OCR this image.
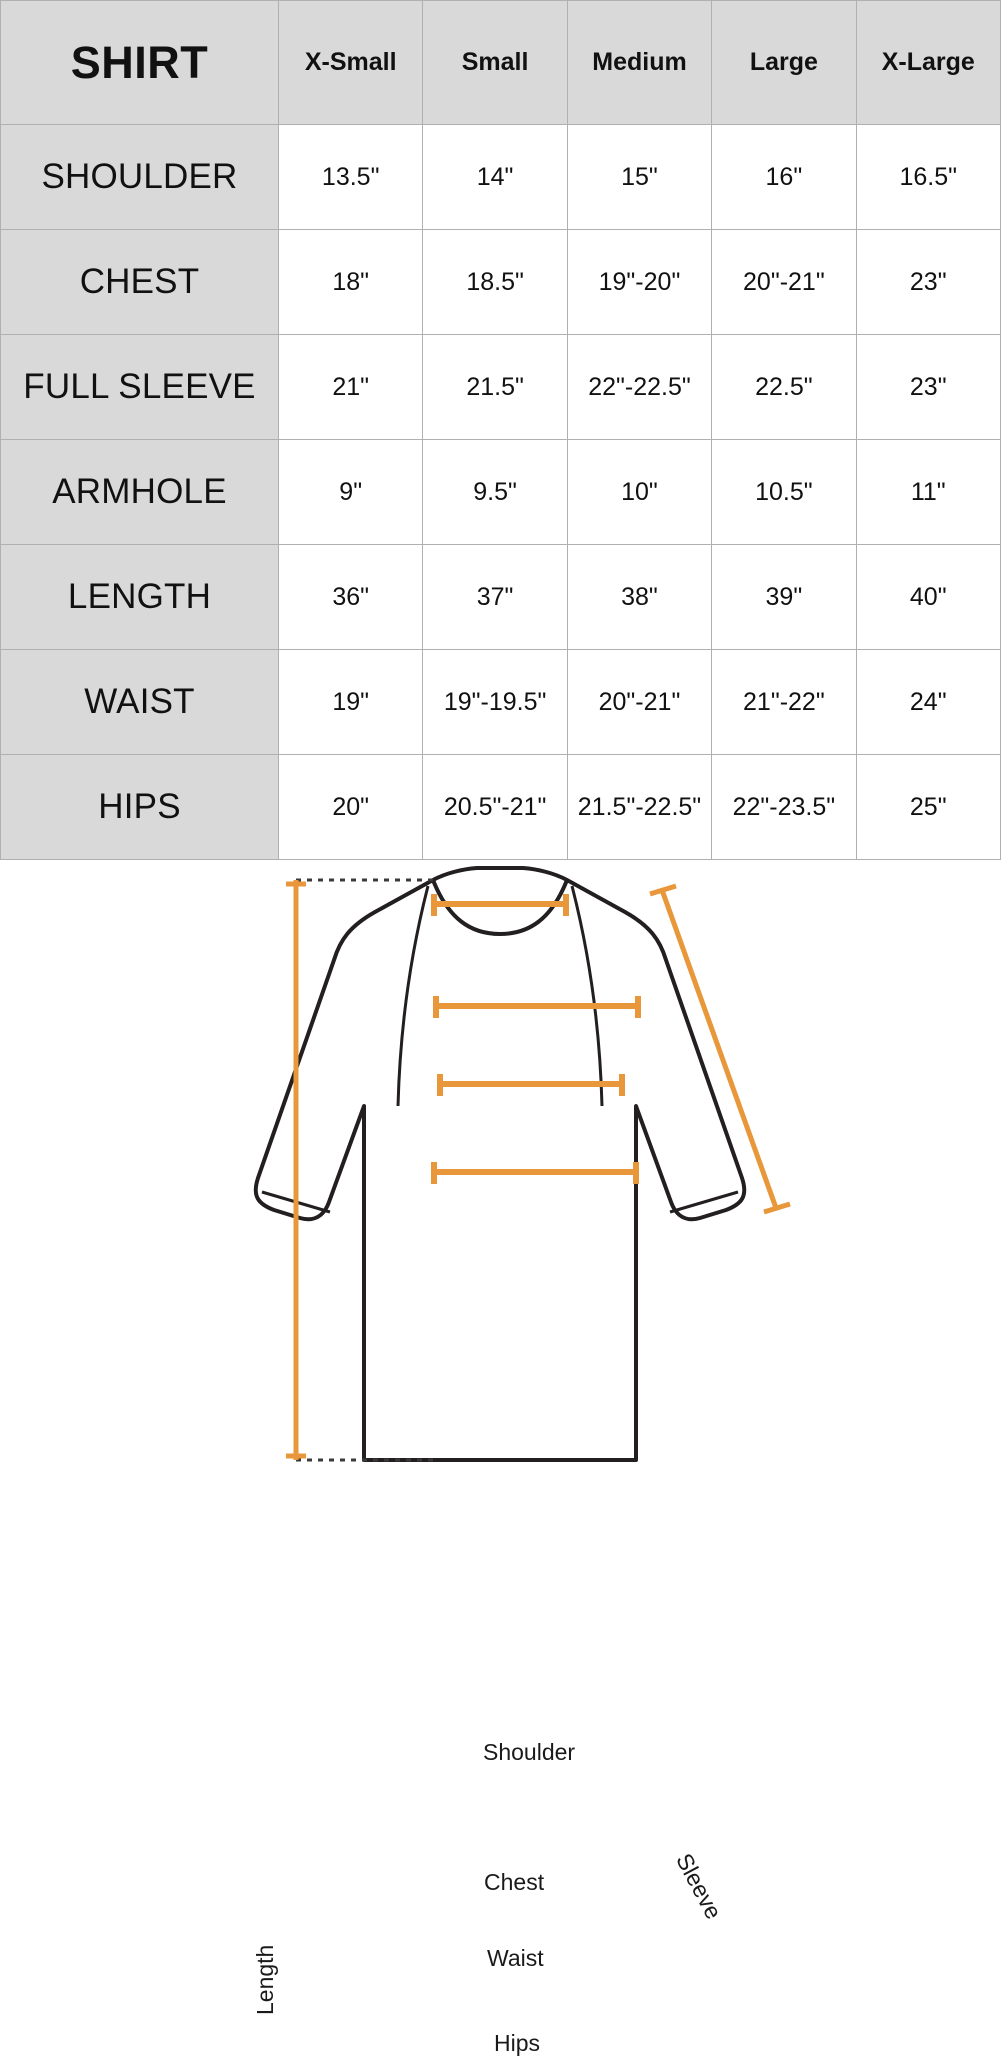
SHIRT	X-Small	Small	Medium	Large	X-Large
SHOULDER	13.5"	14"	15"	16"	16.5"
CHEST	18"	18.5"	19"-20"	20"-21"	23"
FULL SLEEVE	21"	21.5"	22"-22.5"	22.5"	23"
ARMHOLE	9"	9.5"	10"	10.5"	11"
LENGTH	36"	37"	38"	39"	40"
WAIST	19"	19"-19.5"	20"-21"	21"-22"	24"
HIPS	20"	20.5"-21"	21.5"-22.5"	22"-23.5"	25"
Shoulder
Chest
Waist
Hips
Length
Sleeve
